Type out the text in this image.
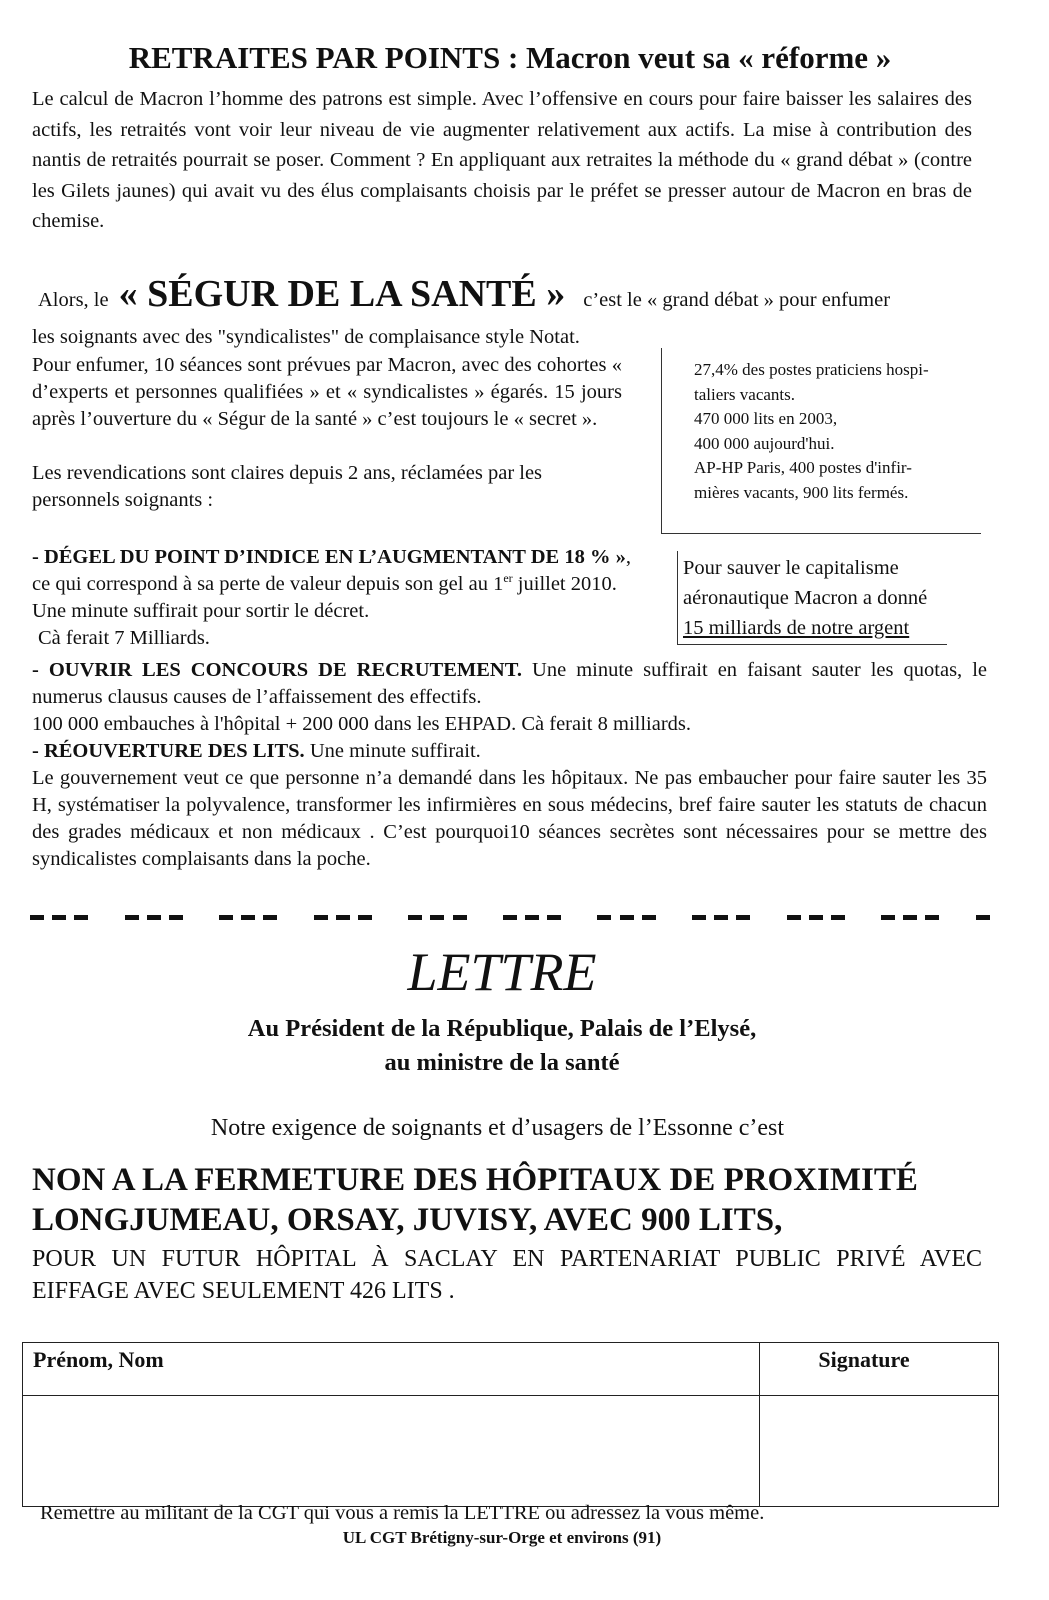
RETRAITES PAR POINTS : Macron veut sa « réforme »
Le calcul de Macron l’homme des patrons est simple. Avec l’offensive en cours pour faire baisser les salaires des actifs, les retraités vont voir leur niveau de vie augmenter relativement aux actifs. La mise à contribution des nantis de retraités pourrait se poser. Comment ? En appliquant aux retraites la méthode du « grand débat » (contre les Gilets jaunes) qui avait vu des élus complaisants choisis par le préfet se presser autour de Macron en bras de chemise.
Alors, le « SÉGUR DE LA SANTÉ » c’est le « grand débat » pour enfumer
les soignants avec des "syndicalistes" de complaisance style Notat.
Pour enfumer, 10 séances sont prévues par Macron, avec des cohortes « d’experts et personnes qualifiées » et « syndicalistes » égarés. 15 jours après l’ouverture du « Ségur de la santé » c’est toujours le « secret ».
Les revendications sont claires depuis 2 ans, réclamées par les personnels soignants :
27,4% des postes praticiens hospi-
taliers vacants.
470 000 lits en 2003,
400 000 aujourd'hui.
AP-HP Paris, 400 postes d'infir-
mières vacants, 900 lits fermés.
- DÉGEL DU POINT D’INDICE EN L’AUGMENTANT DE 18 % », ce qui correspond à sa perte de valeur depuis son gel au 1er juillet 2010. Une minute suffirait pour sortir le décret.
Cà ferait 7 Milliards.
Pour sauver le capitalisme
aéronautique Macron a donné
15 milliards de notre argent
- OUVRIR LES CONCOURS DE RECRUTEMENT. Une minute suffirait en faisant sauter les quotas, le numerus clausus causes de l’affaissement des effectifs.
100 000 embauches à l'hôpital + 200 000 dans les EHPAD. Cà ferait 8 milliards.
- RÉOUVERTURE DES LITS. Une minute suffirait.
Le gouvernement veut ce que personne n’a demandé dans les hôpitaux. Ne pas embaucher pour faire sauter les 35 H, systématiser la polyvalence, transformer les infirmières en sous médecins, bref faire sauter les statuts de chacun des grades médicaux et non médicaux . C’est pourquoi10 séances secrètes sont nécessaires pour se mettre des syndicalistes complaisants dans la poche.
LETTRE
Au Président de la République, Palais de l’Elysé,
au ministre de la santé
Notre exigence de soignants et d’usagers de l’Essonne c’est
NON A LA FERMETURE DES HÔPITAUX DE PROXIMITÉ
LONGJUMEAU, ORSAY, JUVISY, AVEC 900 LITS,
POUR UN FUTUR HÔPITAL À SACLAY EN PARTENARIAT PUBLIC PRIVÉ AVEC EIFFAGE AVEC SEULEMENT 426 LITS .
Prénom, Nom	Signature

Remettre au militant de la CGT qui vous a remis la LETTRE ou adressez la vous même.
UL CGT Brétigny-sur-Orge et environs (91)
